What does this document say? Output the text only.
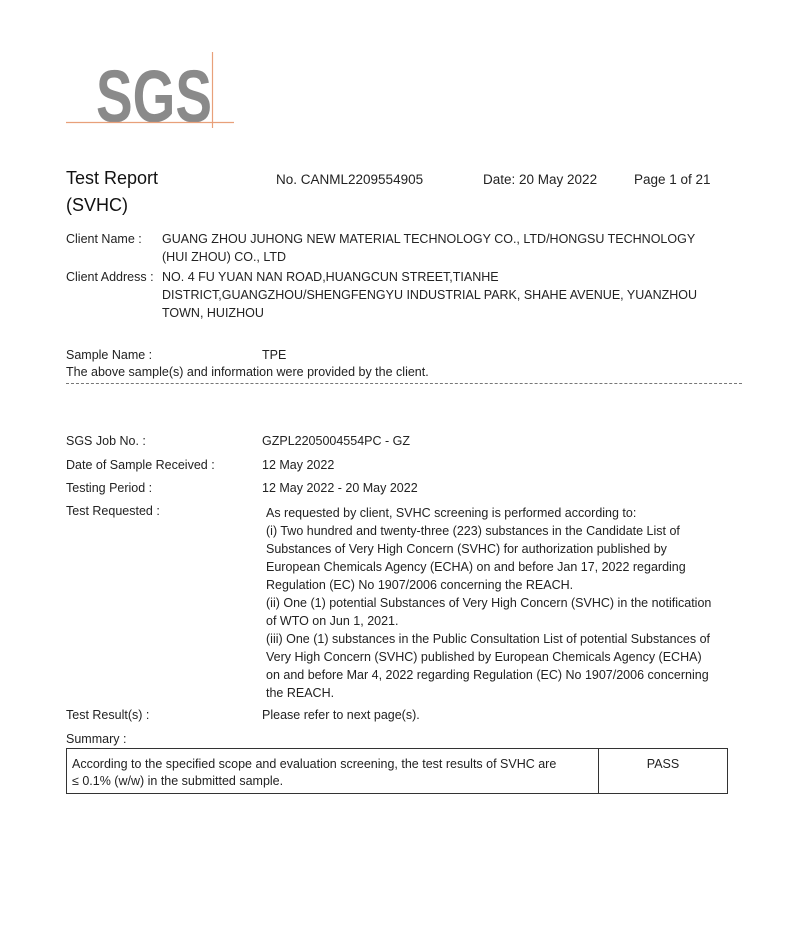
SGS
Test Report
(SVHC)
No. CANML2209554905	Date: 20 May 2022	Page 1 of 21
Client Name : GUANG ZHOU JUHONG NEW MATERIAL TECHNOLOGY CO., LTD/HONGSU TECHNOLOGY
(HUI ZHOU) CO., LTD
Client Address : NO. 4 FU YUAN NAN ROAD,HUANGCUN STREET,TIANHE
DISTRICT,GUANGZHOU/SHENGFENGYU INDUSTRIAL PARK, SHAHE AVENUE, YUANZHOU
TOWN, HUIZHOU
Sample Name :	TPE
The above sample(s) and information were provided by the client.
SGS Job No. :	GZPL2205004554PC - GZ
Date of Sample Received :	12 May 2022
Testing Period :	12 May 2022 - 20 May 2022
Test Requested :	As requested by client, SVHC screening is performed according to:
(i) Two hundred and twenty-three (223) substances in the Candidate List of
Substances of Very High Concern (SVHC) for authorization published by
European Chemicals Agency (ECHA) on and before Jan 17, 2022 regarding
Regulation (EC) No 1907/2006 concerning the REACH.
(ii) One (1) potential Substances of Very High Concern (SVHC) in the notification
of WTO on Jun 1, 2021.
(iii) One (1) substances in the Public Consultation List of potential Substances of
Very High Concern (SVHC) published by European Chemicals Agency (ECHA)
on and before Mar 4, 2022 regarding Regulation (EC) No 1907/2006 concerning
the REACH.
Test Result(s) :	Please refer to next page(s).
Summary :
According to the specified scope and evaluation screening, the test results of SVHC are
≤ 0.1% (w/w) in the submitted sample.
	PASS
